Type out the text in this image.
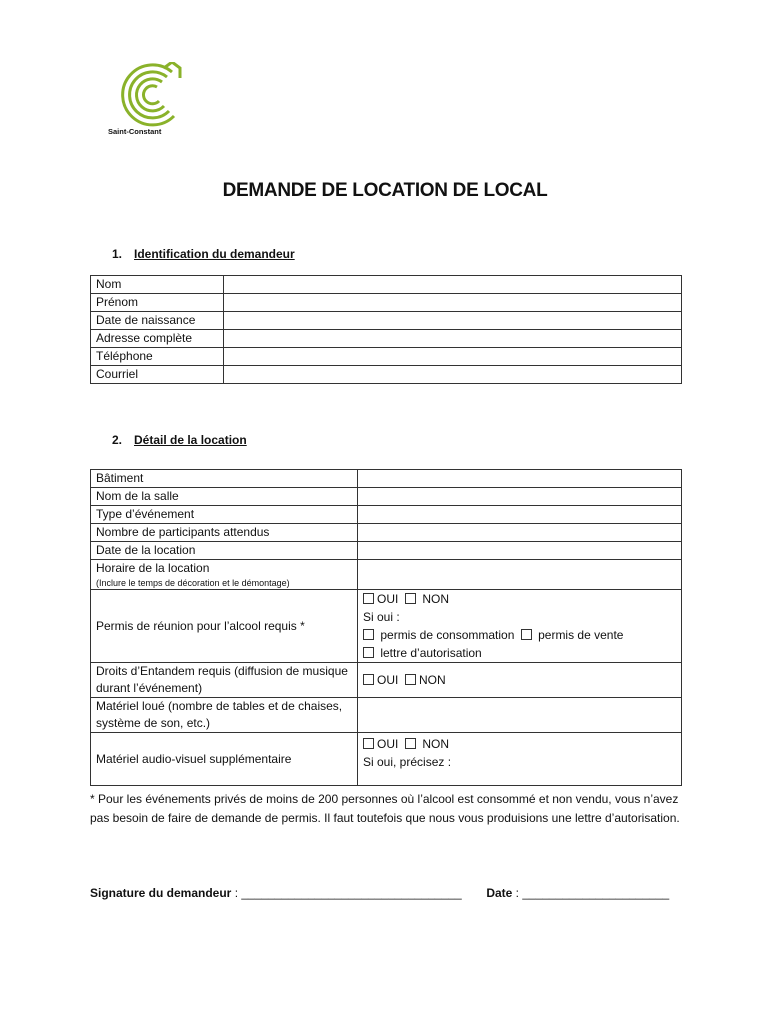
Saint-Constant
DEMANDE DE LOCATION DE LOCAL
1. Identification du demandeur
Nom	
Prénom	
Date de naissance	
Adresse complète	
Téléphone	
Courriel	
2. Détail de la location
Bâtiment	
Nom de la salle	
Type d’événement	
Nombre de participants attendus	
Date de la location	

Horaire de la location
(Inclure le temps de décoration et le démontage)	

Permis de réunion pour l’alcool requis *	OUI NON
Si oui :
permis de consommation permis de vente
lettre d’autorisation

Droits d’Entandem requis (diffusion de musique durant l’événement)	OUI NON
Matériel loué (nombre de tables et de chaises, système de son, etc.)	
Matériel audio-visuel supplémentaire	OUI NON
Si oui, précisez :
* Pour les événements privés de moins de 200 personnes où l’alcool est consommé et non vendu, vous n’avez pas besoin de faire de demande de permis. Il faut toutefois que nous vous produisions une lettre d’autorisation.
Signature du demandeur : _________________________________ Date : ______________________
